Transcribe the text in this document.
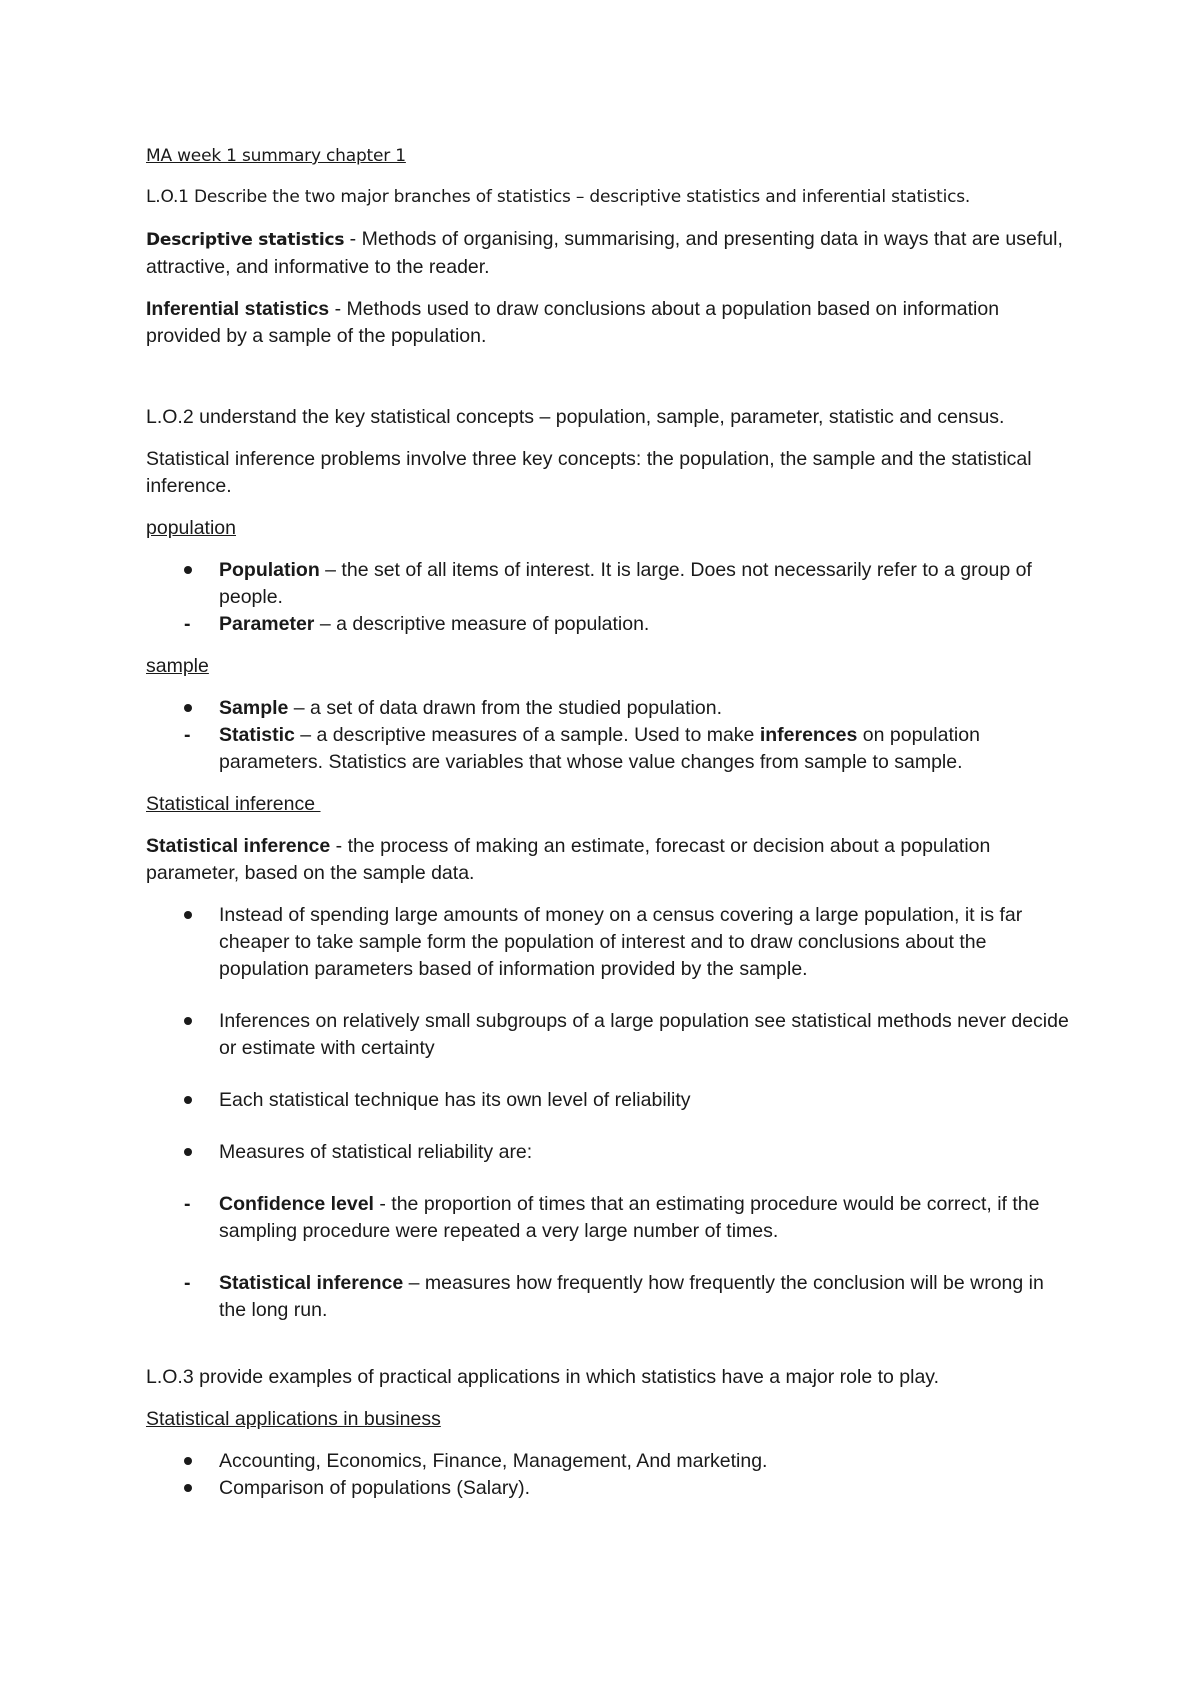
MA week 1 summary chapter 1

L.O.1 Describe the two major branches of statistics – descriptive statistics and inferential statistics.

Descriptive statistics - Methods of organising, summarising, and presenting data in ways that are useful, attractive, and informative to the reader.

Inferential statistics - Methods used to draw conclusions about a population based on information provided by a sample of the population.

L.O.2 understand the key statistical concepts – population, sample, parameter, statistic and census.

Statistical inference problems involve three key concepts: the population, the sample and the statistical inference.

population

Population – the set of all items of interest. It is large. Does not necessarily refer to a group of people.
- Parameter – a descriptive measure of population.

sample

Sample – a set of data drawn from the studied population.
- Statistic – a descriptive measures of a sample. Used to make inferences on population parameters. Statistics are variables that whose value changes from sample to sample.

Statistical inference

Statistical inference - the process of making an estimate, forecast or decision about a population parameter, based on the sample data.

Instead of spending large amounts of money on a census covering a large population, it is far cheaper to take sample form the population of interest and to draw conclusions about the population parameters based of information provided by the sample.
Inferences on relatively small subgroups of a large population see statistical methods never decide or estimate with certainty
Each statistical technique has its own level of reliability
Measures of statistical reliability are:
- Confidence level - the proportion of times that an estimating procedure would be correct, if the sampling procedure were repeated a very large number of times.
- Statistical inference – measures how frequently how frequently the conclusion will be wrong in the long run.

L.O.3 provide examples of practical applications in which statistics have a major role to play.

Statistical applications in business

Accounting, Economics, Finance, Management, And marketing.
Comparison of populations (Salary).
